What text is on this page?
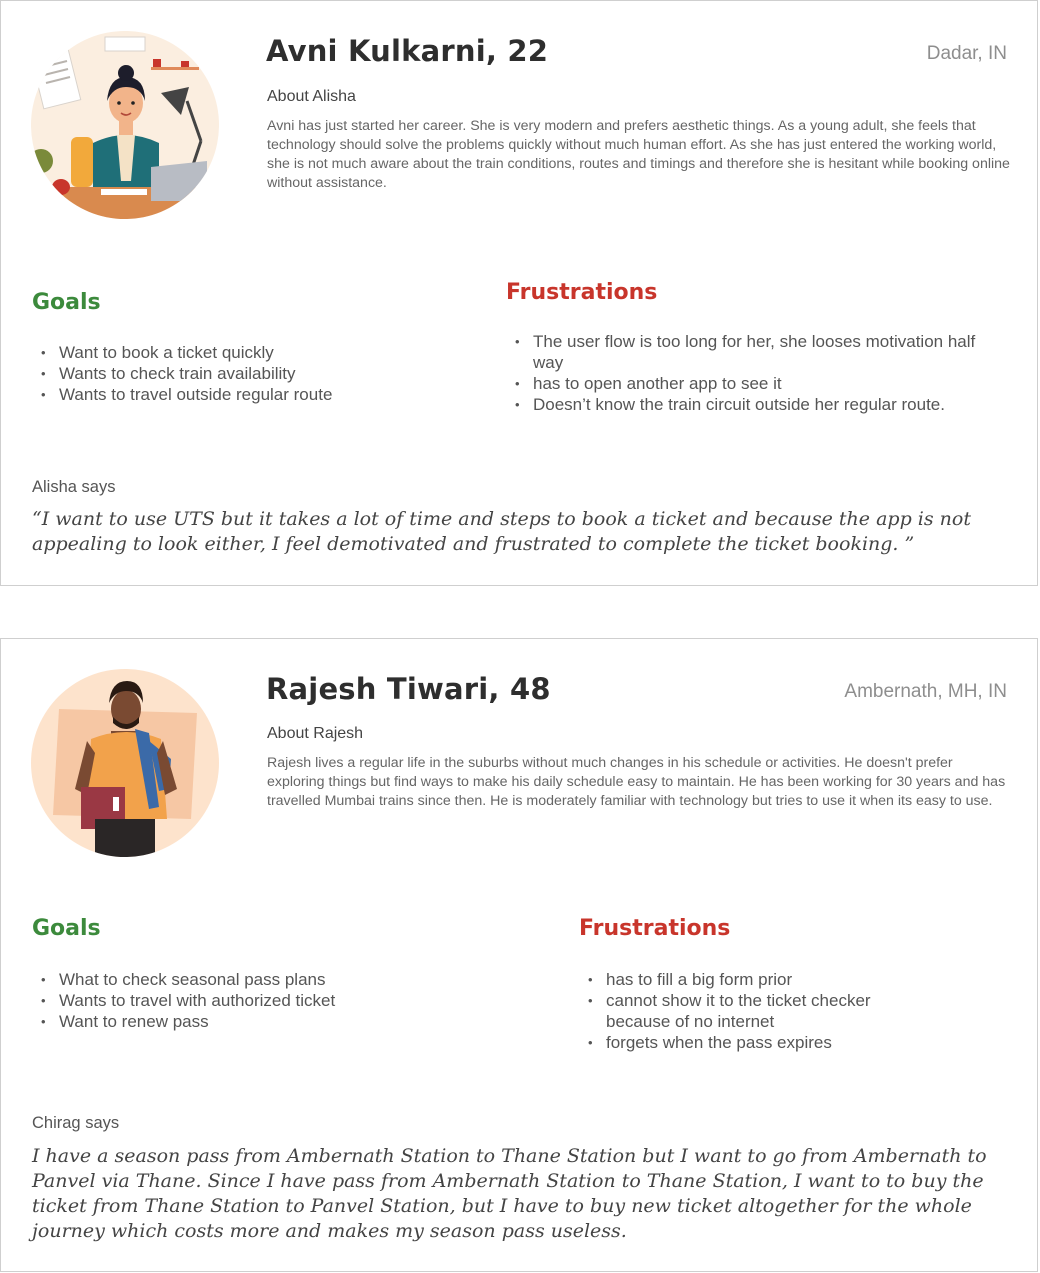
Avni Kulkarni, 22	Dadar, IN
About Alisha
Avni has just started her career. She is very modern and prefers aesthetic things. As a young adult, she feels that technology should solve the problems quickly without much human effort. As she has just entered the working world, she is not much aware about the train conditions, routes and timings and therefore she is hesitant while booking online without assistance.
Goals
• Want to book a ticket quickly
• Wants to check train availability
• Wants to travel outside regular route
Frustrations
• The user flow is too long for her, she looses motivation half way
• has to open another app to see it
• Doesn’t know the train circuit outside her regular route.
Alisha says

“I want to use UTS but it takes a lot of time and steps to book a ticket and because the app is not appealing to look either, I feel demotivated and frustrated to complete the ticket booking. ”

Rajesh Tiwari, 48	Ambernath, MH, IN
About Rajesh
Rajesh lives a regular life in the suburbs without much changes in his schedule or activities. He doesn't prefer exploring things but find ways to make his daily schedule easy to maintain. He has been working for 30 years and has travelled Mumbai trains since then. He is moderately familiar with technology but tries to use it when its easy to use.
Goals
• What to check seasonal pass plans
• Wants to travel with authorized ticket
• Want to renew pass
Frustrations
• has to fill a big form prior
• cannot show it to the ticket checker because of no internet
• forgets when the pass expires
Chirag says

I have a season pass from Ambernath Station to Thane Station but I want to go from Ambernath to Panvel via Thane. Since I have pass from Ambernath Station to Thane Station, I want to to buy the ticket from Thane Station to Panvel Station, but I have to buy new ticket altogether for the whole journey which costs more and makes my season pass useless.
